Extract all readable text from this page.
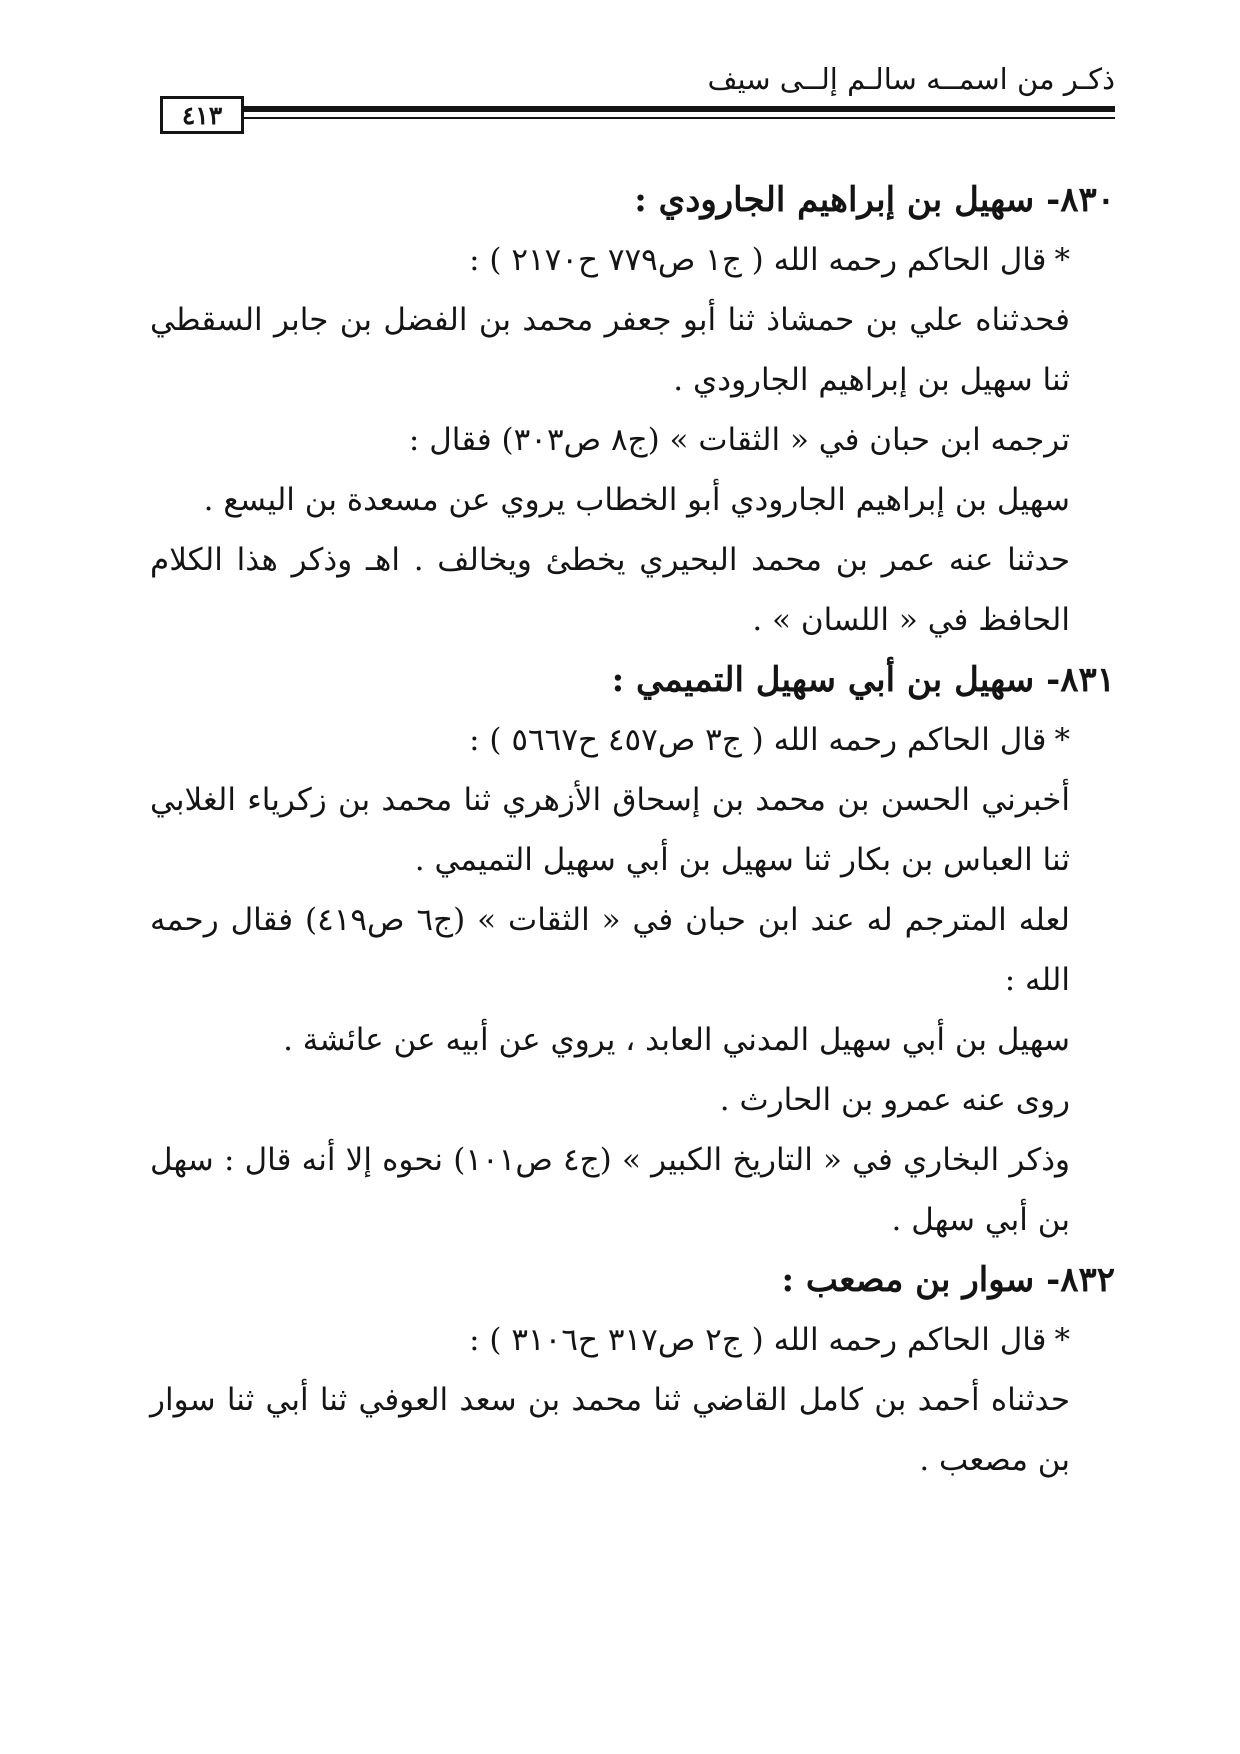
ذكـر من اسمــه سالـم إلــى سيف
٤١٣

٨٣٠- سهيل بن إبراهيم الجارودي :

*قال الحاكم رحمه الله ( ج١ ص٧٧٩ ح٢١٧٠ ) :

فحدثناه علي بن حمشاذ ثنا أبو جعفر محمد بن الفضل بن جابر السقطي ثنا سهيل بن إبراهيم الجارودي .

ترجمه ابن حبان في « الثقات » (ج٨ ص٣٠٣) فقال :

سهيل بن إبراهيم الجارودي أبو الخطاب يروي عن مسعدة بن اليسع .

حدثنا عنه عمر بن محمد البحيري يخطئ ويخالف . اهـ وذكر هذا الكلام الحافظ في « اللسان » .

٨٣١- سهيل بن أبي سهيل التميمي :

*قال الحاكم رحمه الله ( ج٣ ص٤٥٧ ح٥٦٦٧ ) :

أخبرني الحسن بن محمد بن إسحاق الأزهري ثنا محمد بن زكرياء الغلابي ثنا العباس بن بكار ثنا سهيل بن أبي سهيل التميمي .

لعله المترجم له عند ابن حبان في « الثقات » (ج٦ ص٤١٩) فقال رحمه الله :

سهيل بن أبي سهيل المدني العابد ، يروي عن أبيه عن عائشة .

روى عنه عمرو بن الحارث .

وذكر البخاري في « التاريخ الكبير » (ج٤ ص١٠١) نحوه إلا أنه قال : سهل بن أبي سهل .

٨٣٢- سوار بن مصعب :

*قال الحاكم رحمه الله ( ج٢ ص٣١٧ ح٣١٠٦ ) :

حدثناه أحمد بن كامل القاضي ثنا محمد بن سعد العوفي ثنا أبي ثنا سوار بن مصعب .
